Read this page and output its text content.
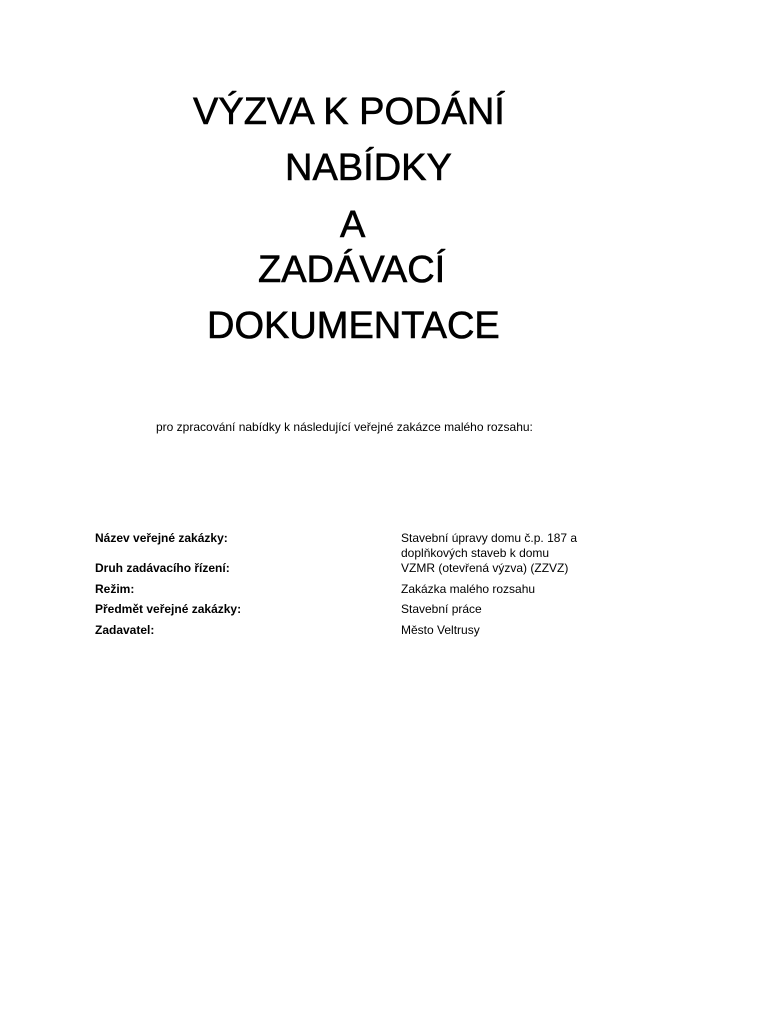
VÝZVA K PODÁNÍ
NABÍDKY
A
ZADÁVACÍ
DOKUMENTACE

pro zpracování nabídky k následující veřejné zakázce malého rozsahu:

Název veřejné zakázky:	Stavební úpravy domu č.p. 187 a doplňkových staveb k domu
Druh zadávacího řízení:	VZMR (otevřená výzva) (ZZVZ)
Režim:	Zakázka malého rozsahu
Předmět veřejné zakázky:	Stavební práce
Zadavatel:	Město Veltrusy
